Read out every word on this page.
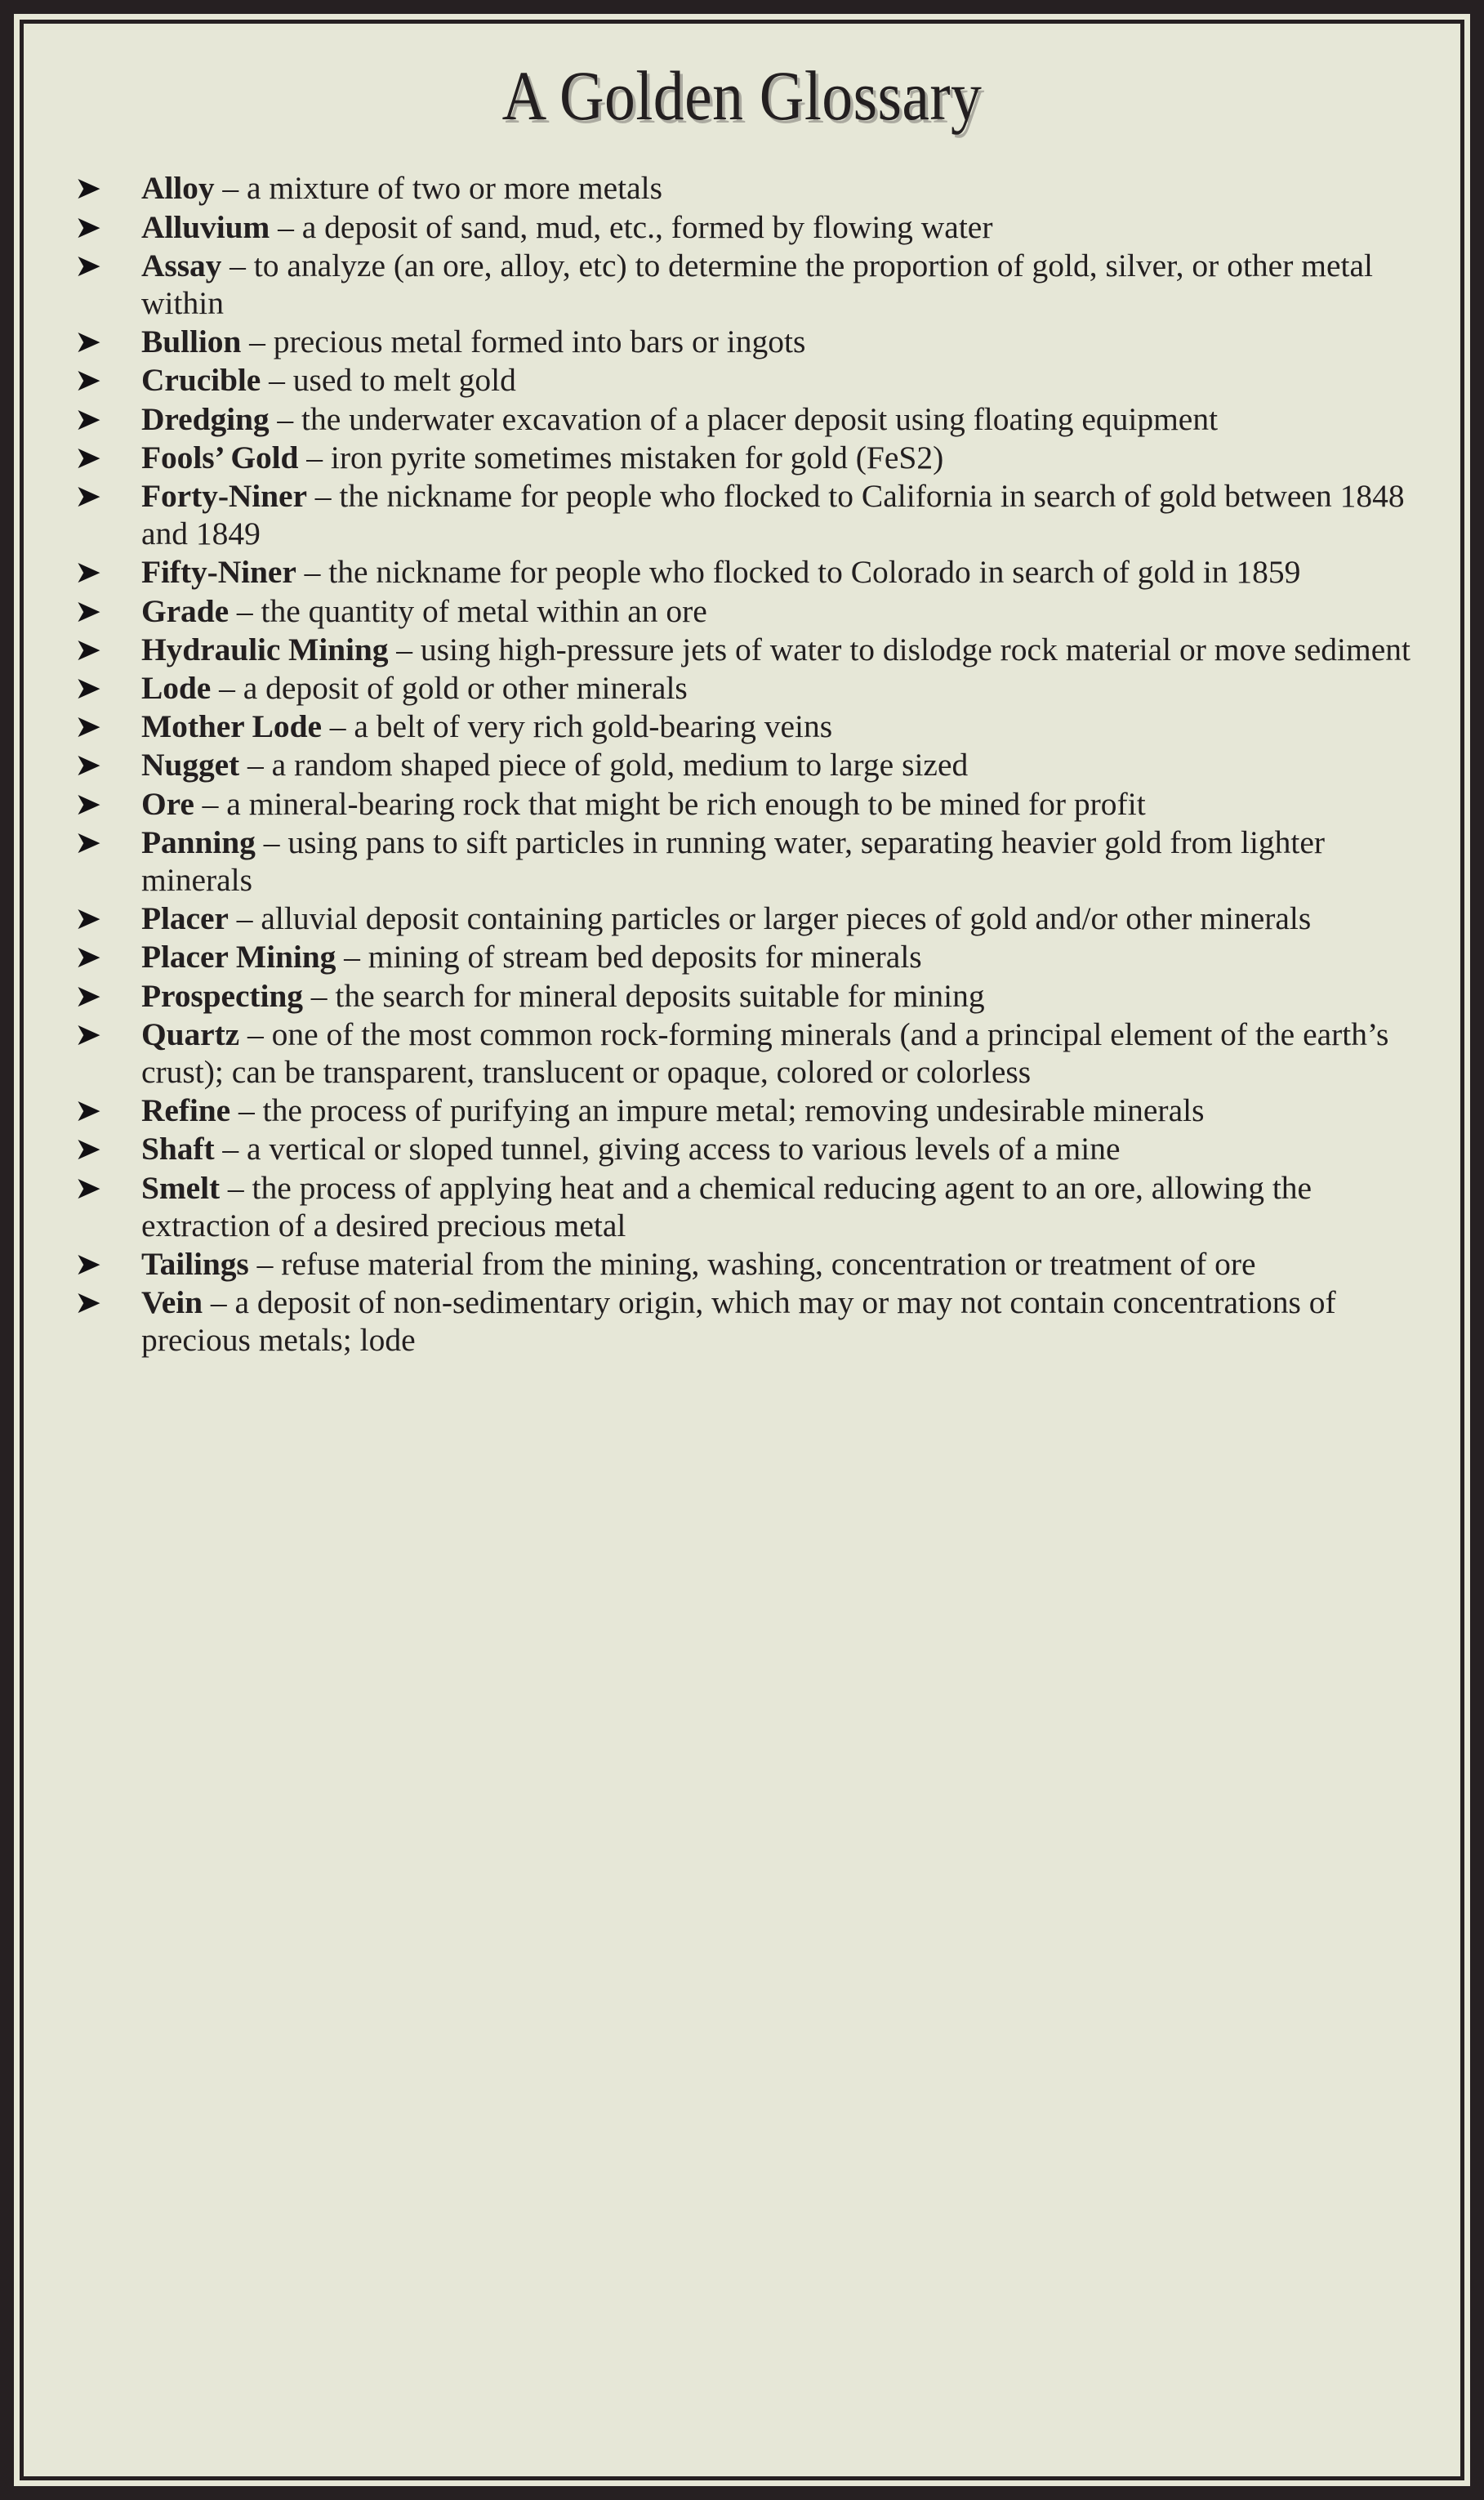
A Golden Glossary
➤	Alloy – a mixture of two or more metals
➤	Alluvium – a deposit of sand, mud, etc., formed by flowing water
➤	Assay – to analyze (an ore, alloy, etc) to determine the proportion of gold, silver, or other metal within
➤	Bullion – precious metal formed into bars or ingots
➤	Crucible – used to melt gold
➤	Dredging – the underwater excavation of a placer deposit using floating equipment
➤	Fools’ Gold – iron pyrite sometimes mistaken for gold (FeS2)
➤	Forty-Niner – the nickname for people who flocked to California in search of gold between 1848 and 1849
➤	Fifty-Niner – the nickname for people who flocked to Colorado in search of gold in 1859
➤	Grade – the quantity of metal within an ore
➤	Hydraulic Mining – using high-pressure jets of water to dislodge rock material or move sediment
➤	Lode – a deposit of gold or other minerals
➤	Mother Lode – a belt of very rich gold-bearing veins
➤	Nugget – a random shaped piece of gold, medium to large sized
➤	Ore – a mineral-bearing rock that might be rich enough to be mined for profit
➤	Panning – using pans to sift particles in running water, separating heavier gold from lighter minerals
➤	Placer – alluvial deposit containing particles or larger pieces of gold and/or other minerals
➤	Placer Mining – mining of stream bed deposits for minerals
➤	Prospecting – the search for mineral deposits suitable for mining
➤	Quartz – one of the most common rock-forming minerals (and a principal element of the earth’s crust); can be transparent, translucent or opaque, colored or colorless
➤	Refine – the process of purifying an impure metal; removing undesirable minerals
➤	Shaft – a vertical or sloped tunnel, giving access to various levels of a mine
➤	Smelt – the process of applying heat and a chemical reducing agent to an ore, allowing the extraction of a desired precious metal
➤	Tailings – refuse material from the mining, washing, concentration or treatment of ore
➤	Vein – a deposit of non-sedimentary origin, which may or may not contain concentrations of precious metals; lode
